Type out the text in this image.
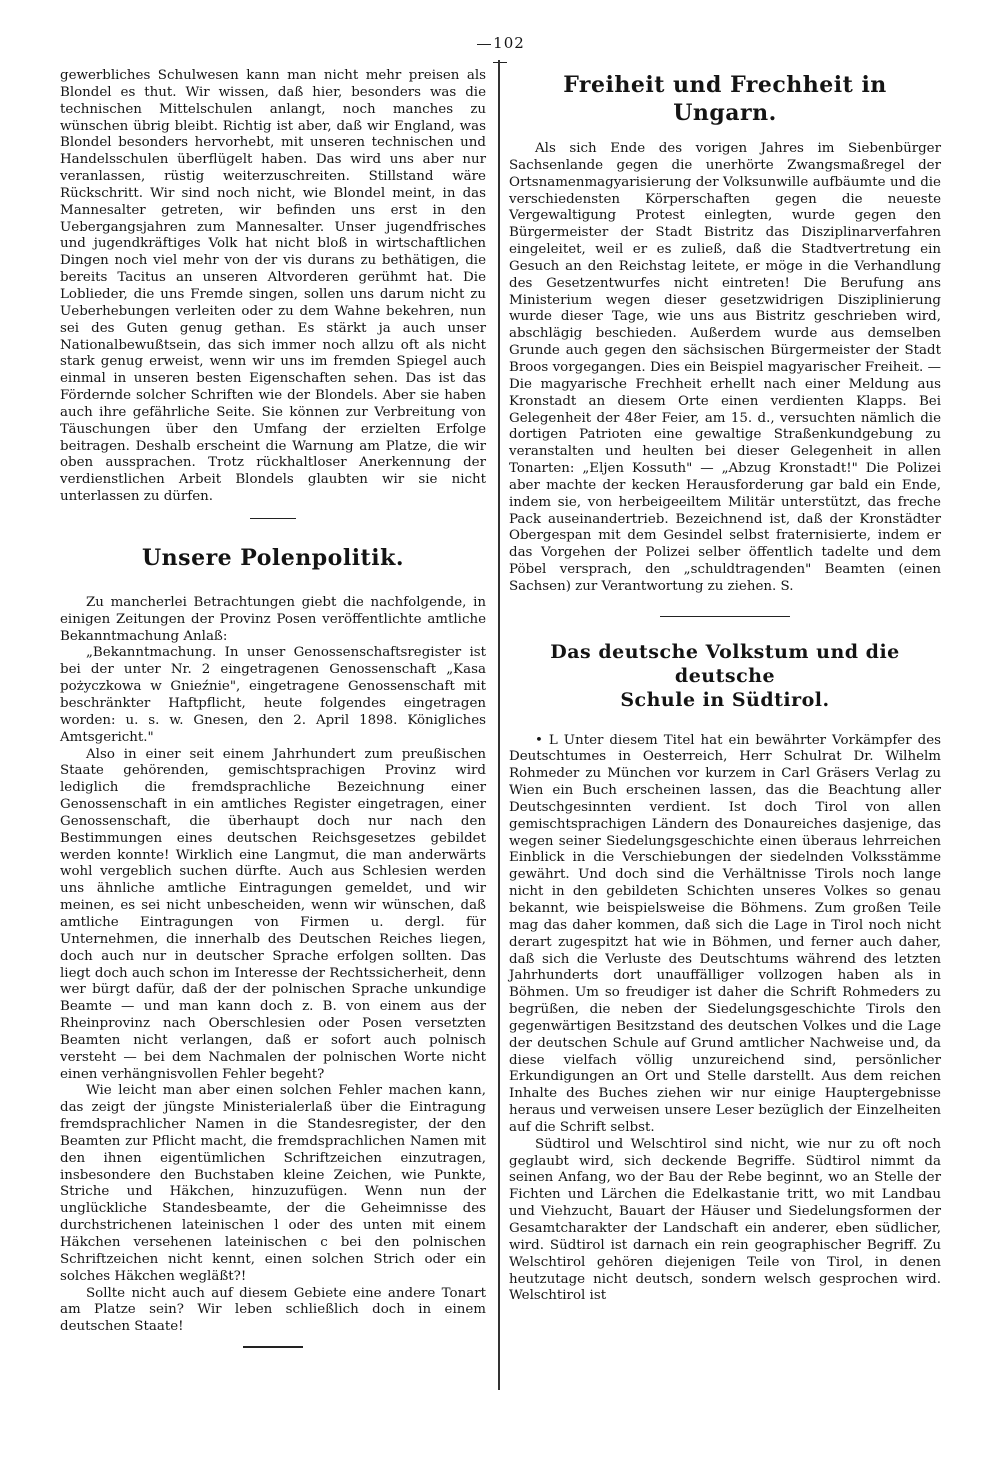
102

gewerbliches Schulwesen kann man nicht mehr preisen als Blondel es thut. Wir wissen, daß hier, besonders was die technischen Mittelschulen anlangt, noch manches zu wünschen übrig bleibt. Richtig ist aber, daß wir England, was Blondel besonders hervorhebt, mit unseren technischen und Handelsschulen überflügelt haben. Das wird uns aber nur veranlassen, rüstig weiterzuschreiten. Stillstand wäre Rückschritt. Wir sind noch nicht, wie Blondel meint, in das Mannesalter getreten, wir befinden uns erst in den Uebergangsjahren zum Mannesalter. Unser jugendfrisches und jugendkräftiges Volk hat nicht bloß in wirtschaftlichen Dingen noch viel mehr von der vis durans zu bethätigen, die bereits Tacitus an unseren Altvorderen gerühmt hat. Die Loblieder, die uns Fremde singen, sollen uns darum nicht zu Ueberhebungen verleiten oder zu dem Wahne bekehren, nun sei des Guten genug gethan. Es stärkt ja auch unser Nationalbewußtsein, das sich immer noch allzu oft als nicht stark genug erweist, wenn wir uns im fremden Spiegel auch einmal in unseren besten Eigenschaften sehen. Das ist das Fördernde solcher Schriften wie der Blondels. Aber sie haben auch ihre gefährliche Seite. Sie können zur Verbreitung von Täuschungen über den Umfang der erzielten Erfolge beitragen. Deshalb erscheint die Warnung am Platze, die wir oben aussprachen. Trotz rückhaltloser Anerkennung der verdienstlichen Arbeit Blondels glaubten wir sie nicht unterlassen zu dürfen.

Unsere Polenpolitik.

Zu mancherlei Betrachtungen giebt die nachfolgende, in einigen Zeitungen der Provinz Posen veröffentlichte amtliche Bekanntmachung Anlaß:

„Bekanntmachung. In unser Genossenschaftsregister ist bei der unter Nr. 2 eingetragenen Genossenschaft „Kasa pożyczkowa w Gnieźnie", eingetragene Genossenschaft mit beschränkter Haftpflicht, heute folgendes eingetragen worden: u. s. w. Gnesen, den 2. April 1898. Königliches Amtsgericht."

Also in einer seit einem Jahrhundert zum preußischen Staate gehörenden, gemischtsprachigen Provinz wird lediglich die fremdsprachliche Bezeichnung einer Genossenschaft in ein amtliches Register eingetragen, einer Genossenschaft, die überhaupt doch nur nach den Bestimmungen eines deutschen Reichsgesetzes gebildet werden konnte! Wirklich eine Langmut, die man anderwärts wohl vergeblich suchen dürfte. Auch aus Schlesien werden uns ähnliche amtliche Eintragungen gemeldet, und wir meinen, es sei nicht unbescheiden, wenn wir wünschen, daß amtliche Eintragungen von Firmen u. dergl. für Unternehmen, die innerhalb des Deutschen Reiches liegen, doch auch nur in deutscher Sprache erfolgen sollten. Das liegt doch auch schon im Interesse der Rechtssicherheit, denn wer bürgt dafür, daß der der polnischen Sprache unkundige Beamte — und man kann doch z. B. von einem aus der Rheinprovinz nach Oberschlesien oder Posen versetzten Beamten nicht verlangen, daß er sofort auch polnisch versteht — bei dem Nachmalen der polnischen Worte nicht einen verhängnisvollen Fehler begeht?

Wie leicht man aber einen solchen Fehler machen kann, das zeigt der jüngste Ministerialerlaß über die Eintragung fremdsprachlicher Namen in die Standesregister, der den Beamten zur Pflicht macht, die fremdsprachlichen Namen mit den ihnen eigentümlichen Schriftzeichen einzutragen, insbesondere den Buchstaben kleine Zeichen, wie Punkte, Striche und Häkchen, hinzuzufügen. Wenn nun der unglückliche Standesbeamte, der die Geheimnisse des durchstrichenen lateinischen l oder des unten mit einem Häkchen versehenen lateinischen c bei den polnischen Schriftzeichen nicht kennt, einen solchen Strich oder ein solches Häkchen wegläßt?!

Sollte nicht auch auf diesem Gebiete eine andere Tonart am Platze sein? Wir leben schließlich doch in einem deutschen Staate!

Freiheit und Frechheit in Ungarn.

Als sich Ende des vorigen Jahres im Siebenbürger Sachsenlande gegen die unerhörte Zwangsmaßregel der Ortsnamenmagyarisierung der Volksunwille aufbäumte und die verschiedensten Körperschaften gegen die neueste Vergewaltigung Protest einlegten, wurde gegen den Bürgermeister der Stadt Bistritz das Disziplinarverfahren eingeleitet, weil er es zuließ, daß die Stadtvertretung ein Gesuch an den Reichstag leitete, er möge in die Verhandlung des Gesetzentwurfes nicht eintreten! Die Berufung ans Ministerium wegen dieser gesetzwidrigen Disziplinierung wurde dieser Tage, wie uns aus Bistritz geschrieben wird, abschlägig beschieden. Außerdem wurde aus demselben Grunde auch gegen den sächsischen Bürgermeister der Stadt Broos vorgegangen. Dies ein Beispiel magyarischer Freiheit. — Die magyarische Frechheit erhellt nach einer Meldung aus Kronstadt an diesem Orte einen verdienten Klapps. Bei Gelegenheit der 48er Feier, am 15. d., versuchten nämlich die dortigen Patrioten eine gewaltige Straßenkundgebung zu veranstalten und heulten bei dieser Gelegenheit in allen Tonarten: „Eljen Kossuth" — „Abzug Kronstadt!" Die Polizei aber machte der kecken Herausforderung gar bald ein Ende, indem sie, von herbeigeeiltem Militär unterstützt, das freche Pack auseinandertrieb. Bezeichnend ist, daß der Kronstädter Obergespan mit dem Gesindel selbst fraternisierte, indem er das Vorgehen der Polizei selber öffentlich tadelte und dem Pöbel versprach, den „schuldtragenden" Beamten (einen Sachsen) zur Verantwortung zu ziehen. S.

Das deutsche Volkstum und die deutsche
Schule in Südtirol.

• L Unter diesem Titel hat ein bewährter Vorkämpfer des Deutschtumes in Oesterreich, Herr Schulrat Dr. Wilhelm Rohmeder zu München vor kurzem in Carl Gräsers Verlag zu Wien ein Buch erscheinen lassen, das die Beachtung aller Deutschgesinnten verdient. Ist doch Tirol von allen gemischtsprachigen Ländern des Donaureiches dasjenige, das wegen seiner Siedelungsgeschichte einen überaus lehrreichen Einblick in die Verschiebungen der siedelnden Volksstämme gewährt. Und doch sind die Verhältnisse Tirols noch lange nicht in den gebildeten Schichten unseres Volkes so genau bekannt, wie beispielsweise die Böhmens. Zum großen Teile mag das daher kommen, daß sich die Lage in Tirol noch nicht derart zugespitzt hat wie in Böhmen, und ferner auch daher, daß sich die Verluste des Deutschtums während des letzten Jahrhunderts dort unauffälliger vollzogen haben als in Böhmen. Um so freudiger ist daher die Schrift Rohmeders zu begrüßen, die neben der Siedelungsgeschichte Tirols den gegenwärtigen Besitzstand des deutschen Volkes und die Lage der deutschen Schule auf Grund amtlicher Nachweise und, da diese vielfach völlig unzureichend sind, persönlicher Erkundigungen an Ort und Stelle darstellt. Aus dem reichen Inhalte des Buches ziehen wir nur einige Hauptergebnisse heraus und verweisen unsere Leser bezüglich der Einzelheiten auf die Schrift selbst.

Südtirol und Welschtirol sind nicht, wie nur zu oft noch geglaubt wird, sich deckende Begriffe. Südtirol nimmt da seinen Anfang, wo der Bau der Rebe beginnt, wo an Stelle der Fichten und Lärchen die Edelkastanie tritt, wo mit Landbau und Viehzucht, Bauart der Häuser und Siedelungsformen der Gesamtcharakter der Landschaft ein anderer, eben südlicher, wird. Südtirol ist darnach ein rein geographischer Begriff. Zu Welschtirol gehören diejenigen Teile von Tirol, in denen heutzutage nicht deutsch, sondern welsch gesprochen wird. Welschtirol ist
